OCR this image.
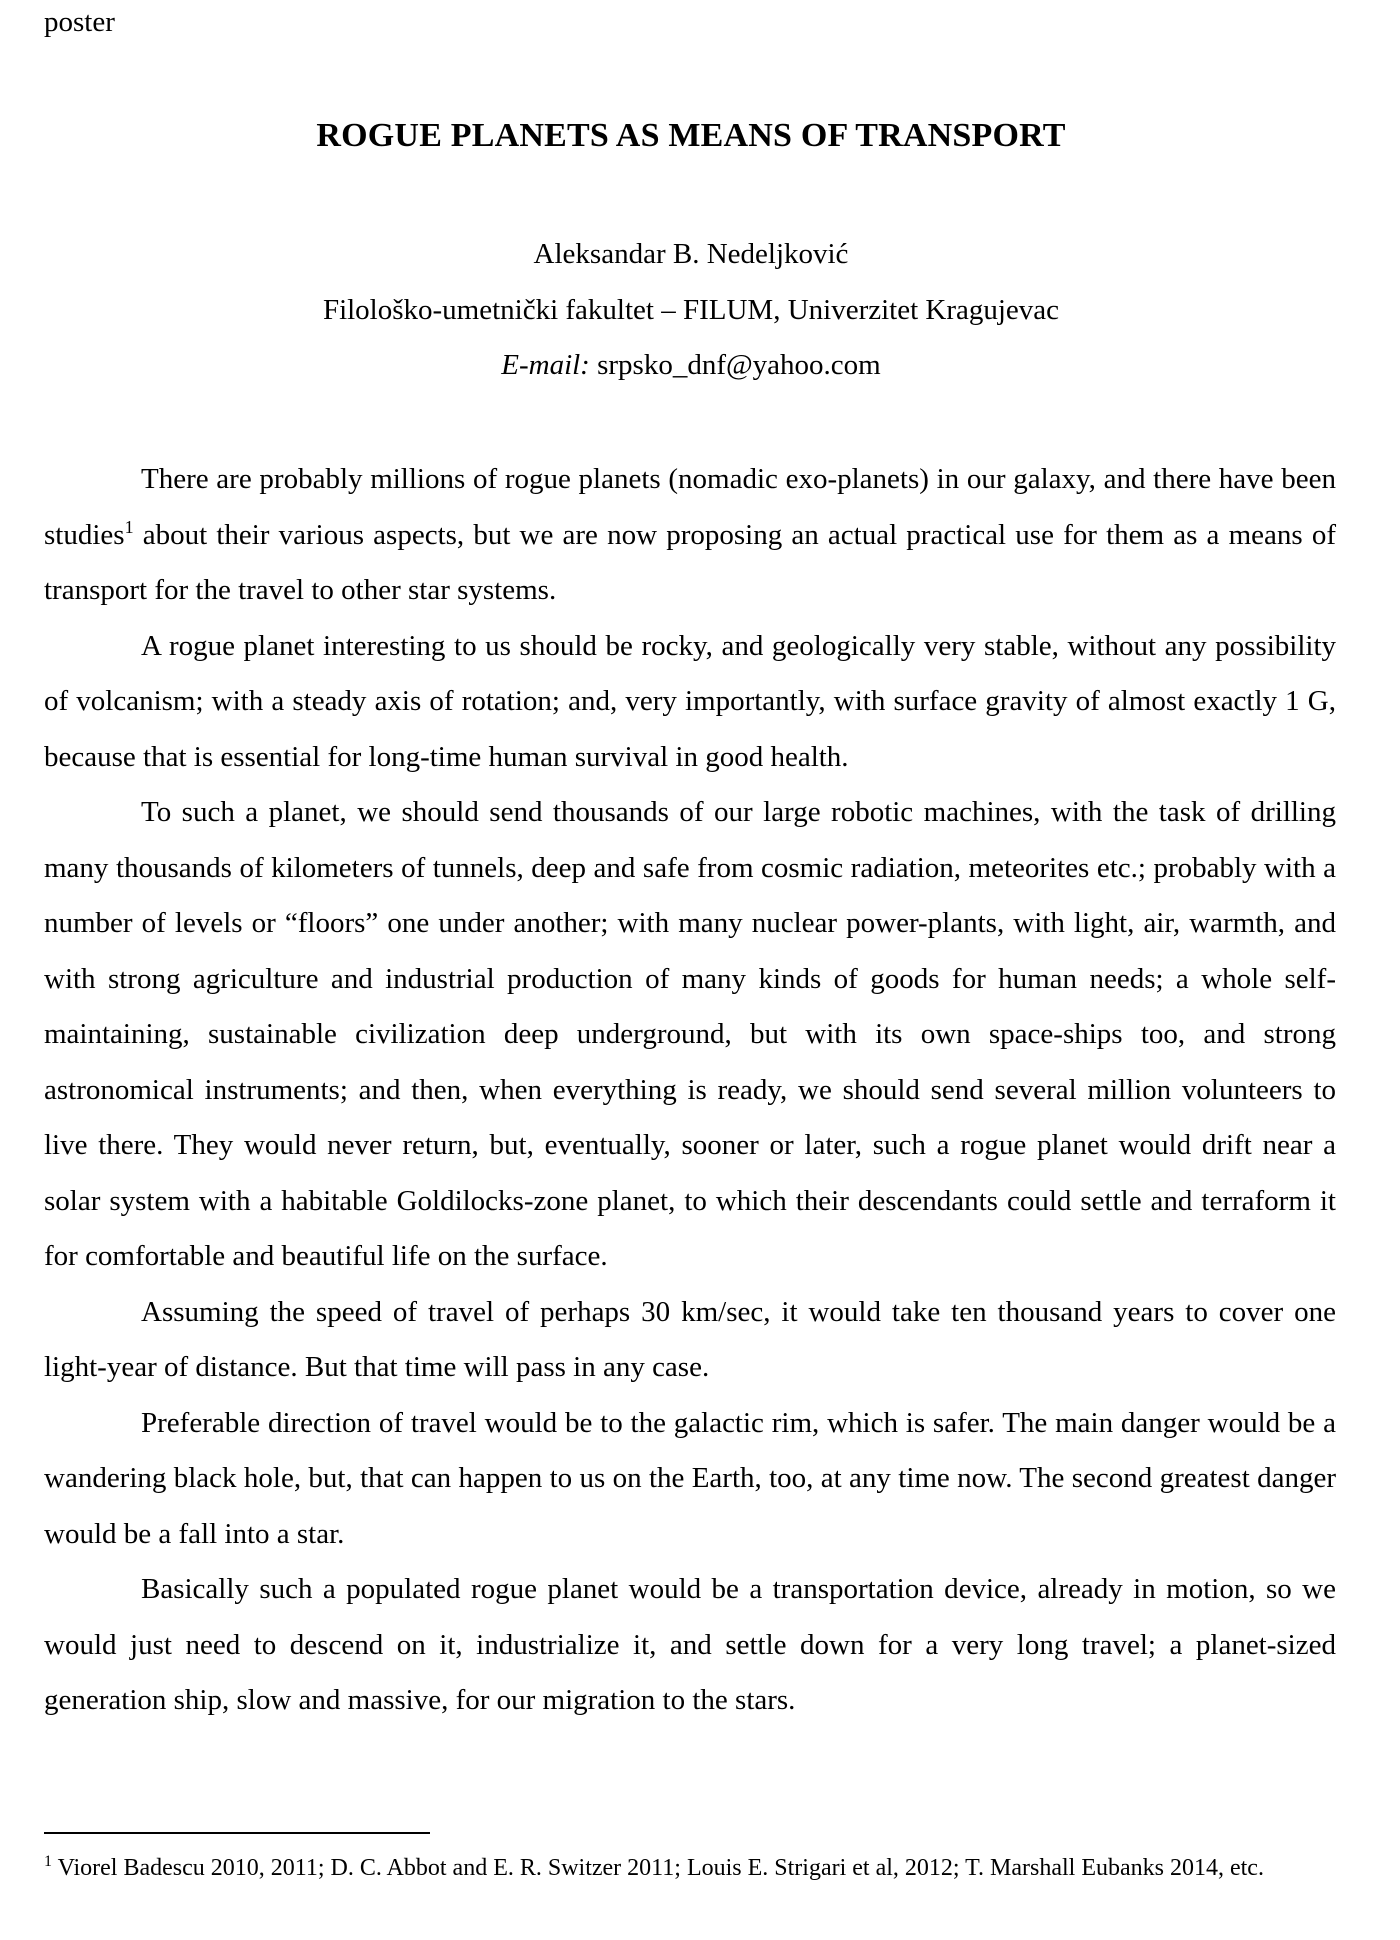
poster
ROGUE PLANETS AS MEANS OF TRANSPORT
Aleksandar B. Nedeljković
Filološko-umetnički fakultet – FILUM, Univerzitet Kragujevac
E-mail: srpsko_dnf@yahoo.com

There are probably millions of rogue planets (nomadic exo-planets) in our galaxy, and there have been studies$^1$ about their various aspects, but we are now proposing an actual practical use for them as a means of transport for the travel to other star systems.

A rogue planet interesting to us should be rocky, and geologically very stable, without any possibility of volcanism; with a steady axis of rotation; and, very importantly, with surface gravity of almost exactly 1 G, because that is essential for long-time human survival in good health.

To such a planet, we should send thousands of our large robotic machines, with the task of drilling many thousands of kilometers of tunnels, deep and safe from cosmic radiation, meteorites etc.; probably with a number of levels or “floors” one under another; with many nuclear power-plants, with light, air, warmth, and with strong agriculture and industrial production of many kinds of goods for human needs; a whole self-maintaining, sustainable civilization deep underground, but with its own space-ships too, and strong astronomical instruments; and then, when everything is ready, we should send several million volunteers to live there. They would never return, but, eventually, sooner or later, such a rogue planet would drift near a solar system with a habitable Goldilocks-zone planet, to which their descendants could settle and terraform it for comfortable and beautiful life on the surface.

Assuming the speed of travel of perhaps 30 km/sec, it would take ten thousand years to cover one light-year of distance. But that time will pass in any case.

Preferable direction of travel would be to the galactic rim, which is safer. The main danger would be a wandering black hole, but, that can happen to us on the Earth, too, at any time now. The second greatest danger would be a fall into a star.

Basically such a populated rogue planet would be a transportation device, already in motion, so we would just need to descend on it, industrialize it, and settle down for a very long travel; a planet-sized generation ship, slow and massive, for our migration to the stars.

$^1$ Viorel Badescu 2010, 2011; D. C. Abbot and E. R. Switzer 2011; Louis E. Strigari et al, 2012; T. Marshall Eubanks 2014, etc.
